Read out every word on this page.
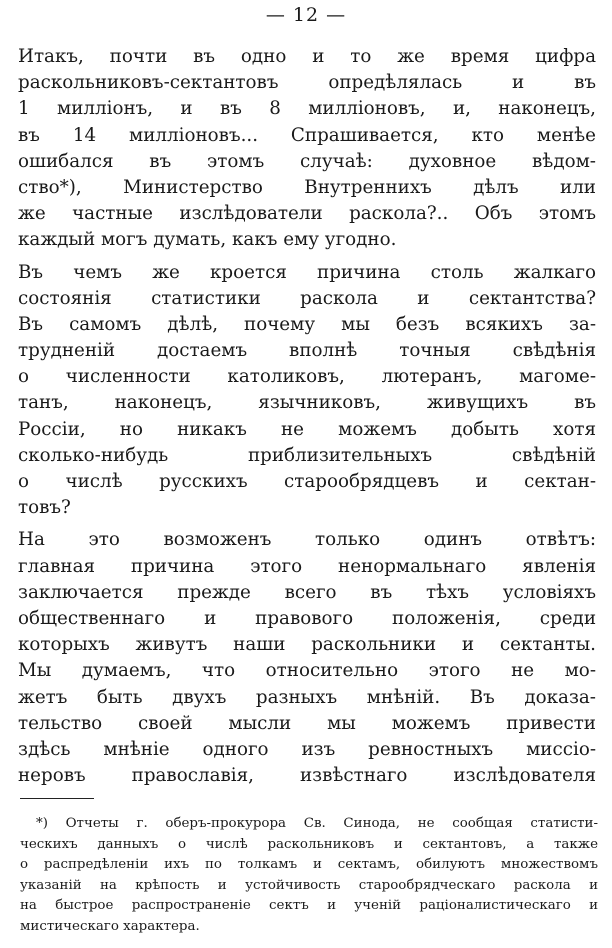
— 12 —
Итакъ, почти въ одно и то же время цифра
раскольниковъ-сектантовъ опредѣлялась и въ
1 милліонъ, и въ 8 милліоновъ, и, наконецъ,
въ 14 милліоновъ... Спрашивается, кто менѣе
ошибался въ этомъ случаѣ: духовное вѣдом-
ство*), Министерство Внутреннихъ дѣлъ или
же частные изслѣдователи раскола?.. Объ этомъ
каждый могъ думать, какъ ему угодно.
Въ чемъ же кроется причина столь жалкаго
состоянія статистики раскола и сектантства?
Въ самомъ дѣлѣ, почему мы безъ всякихъ за-
трудненій достаемъ вполнѣ точныя свѣдѣнія
о численности католиковъ, лютеранъ, магоме-
танъ, наконецъ, язычниковъ, живущихъ въ
Россіи, но никакъ не можемъ добыть хотя
сколько-нибудь приблизительныхъ свѣдѣній
о числѣ русскихъ старообрядцевъ и сектан-
товъ?
На это возможенъ только одинъ отвѣтъ:
главная причина этого ненормальнаго явленія
заключается прежде всего въ тѣхъ условіяхъ
общественнаго и правового положенія, среди
которыхъ живутъ наши раскольники и сектанты.
Мы думаемъ, что относительно этого не мо-
жетъ быть двухъ разныхъ мнѣній. Въ доказа-
тельство своей мысли мы можемъ привести
здѣсь мнѣніе одного изъ ревностныхъ миссіо-
неровъ православія, извѣстнаго изслѣдователя
*) Отчеты г. оберъ-прокурора Св. Синода, не сообщая статисти-
ческихъ данныхъ о числѣ раскольниковъ и сектантовъ, а также
о распредѣленіи ихъ по толкамъ и сектамъ, обилуютъ множествомъ
указаній на крѣпость и устойчивость старообрядческаго раскола и
на быстрое распространеніе сектъ и ученій раціоналистическаго и
мистическаго характера.
